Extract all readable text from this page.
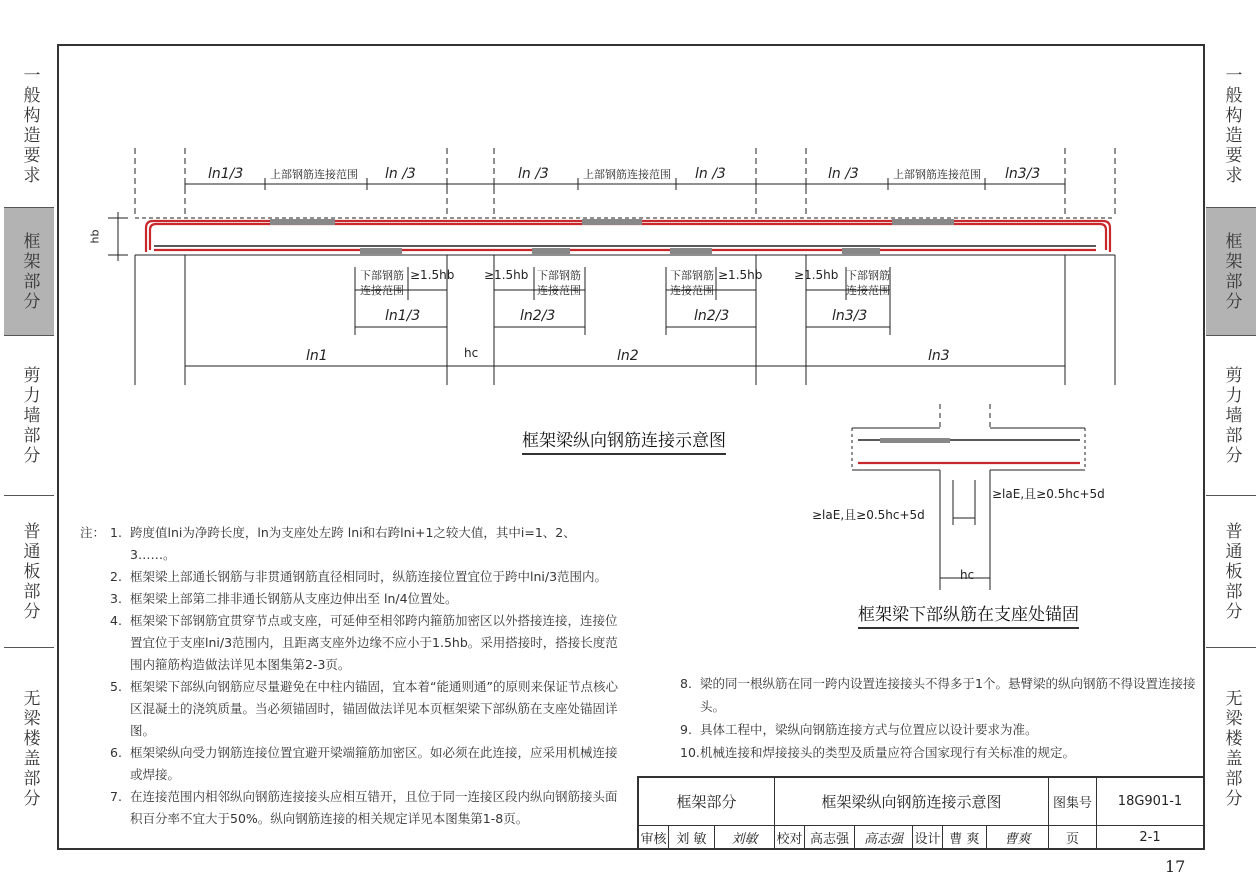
一般构造要求
框架部分
剪力墙部分
普通板部分
无梁楼盖部分
一般构造要求
框架部分
剪力墙部分
普通板部分
无梁楼盖部分
ln1/3 上部钢筋连接范围 ln /3	ln /3	上部钢筋连接范围 ln /3	ln /3	上部钢筋连接范围 ln3/3
hb
下部钢筋连接范围
≥1.5hb ≥1.5hb 下部钢筋连接范围
下部钢筋连接范围
≥1.5hb	≥1.5hb 下部钢筋连接范围
ln1/3	ln2/3	ln2/3	ln3/3
ln1	hc	ln2	ln3
框架梁纵向钢筋连接示意图
≥laE,且≥0.5hc+5d
≥laE,且≥0.5hc+5d
hc
框架梁下部纵筋在支座处锚固
注： 1. 跨度值lni为净跨长度，ln为支座处左跨 lni和右跨lni+1之较大值，其中i=1、2、3……。
2. 框架梁上部通长钢筋与非贯通钢筋直径相同时，纵筋连接位置宜位于跨中lni/3范围内。
3. 框架梁上部第二排非通长钢筋从支座边伸出至 ln/4位置处。
4. 框架梁下部钢筋宜贯穿节点或支座，可延伸至相邻跨内箍筋加密区以外搭接连接，连接位置宜位于支座lni/3范围内，且距离支座外边缘不应小于1.5hb。采用搭接时，搭接长度范围内箍筋构造做法详见本图集第2-3页。
5. 框架梁下部纵向钢筋应尽量避免在中柱内锚固，宜本着“能通则通”的原则来保证节点核心区混凝土的浇筑质量。当必须锚固时，锚固做法详见本页框架梁下部纵筋在支座处锚固详图。
6. 框架梁纵向受力钢筋连接位置宜避开梁端箍筋加密区。如必须在此连接，应采用机械连接或焊接。
7. 在连接范围内相邻纵向钢筋连接接头应相互错开，且位于同一连接区段内纵向钢筋接头面积百分率不宜大于50%。纵向钢筋连接的相关规定详见本图集第1-8页。
8. 梁的同一根纵筋在同一跨内设置连接接头不得多于1个。悬臂梁的纵向钢筋不得设置连接接头。
9. 具体工程中，梁纵向钢筋连接方式与位置应以设计要求为准。
10. 机械连接和焊接接头的类型及质量应符合国家现行有关标准的规定。
框架部分	框架梁纵向钢筋连接示意图	图集号	18G901-1
审核 刘 敏	刘敏	校对 高志强	高志强 设计 曹 爽	曹爽	页	2-1
17
